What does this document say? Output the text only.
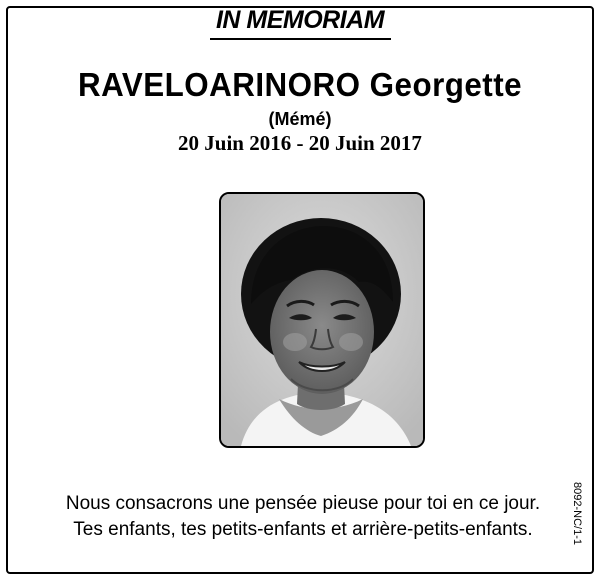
IN MEMORIAM
RAVELOARINORO Georgette
(Mémé)
20 Juin 2016 - 20 Juin 2017
Nous consacrons une pensée pieuse pour toi en ce jour.
Tes enfants, tes petits-enfants et arrière-petits-enfants.	8092-NC/1-1
